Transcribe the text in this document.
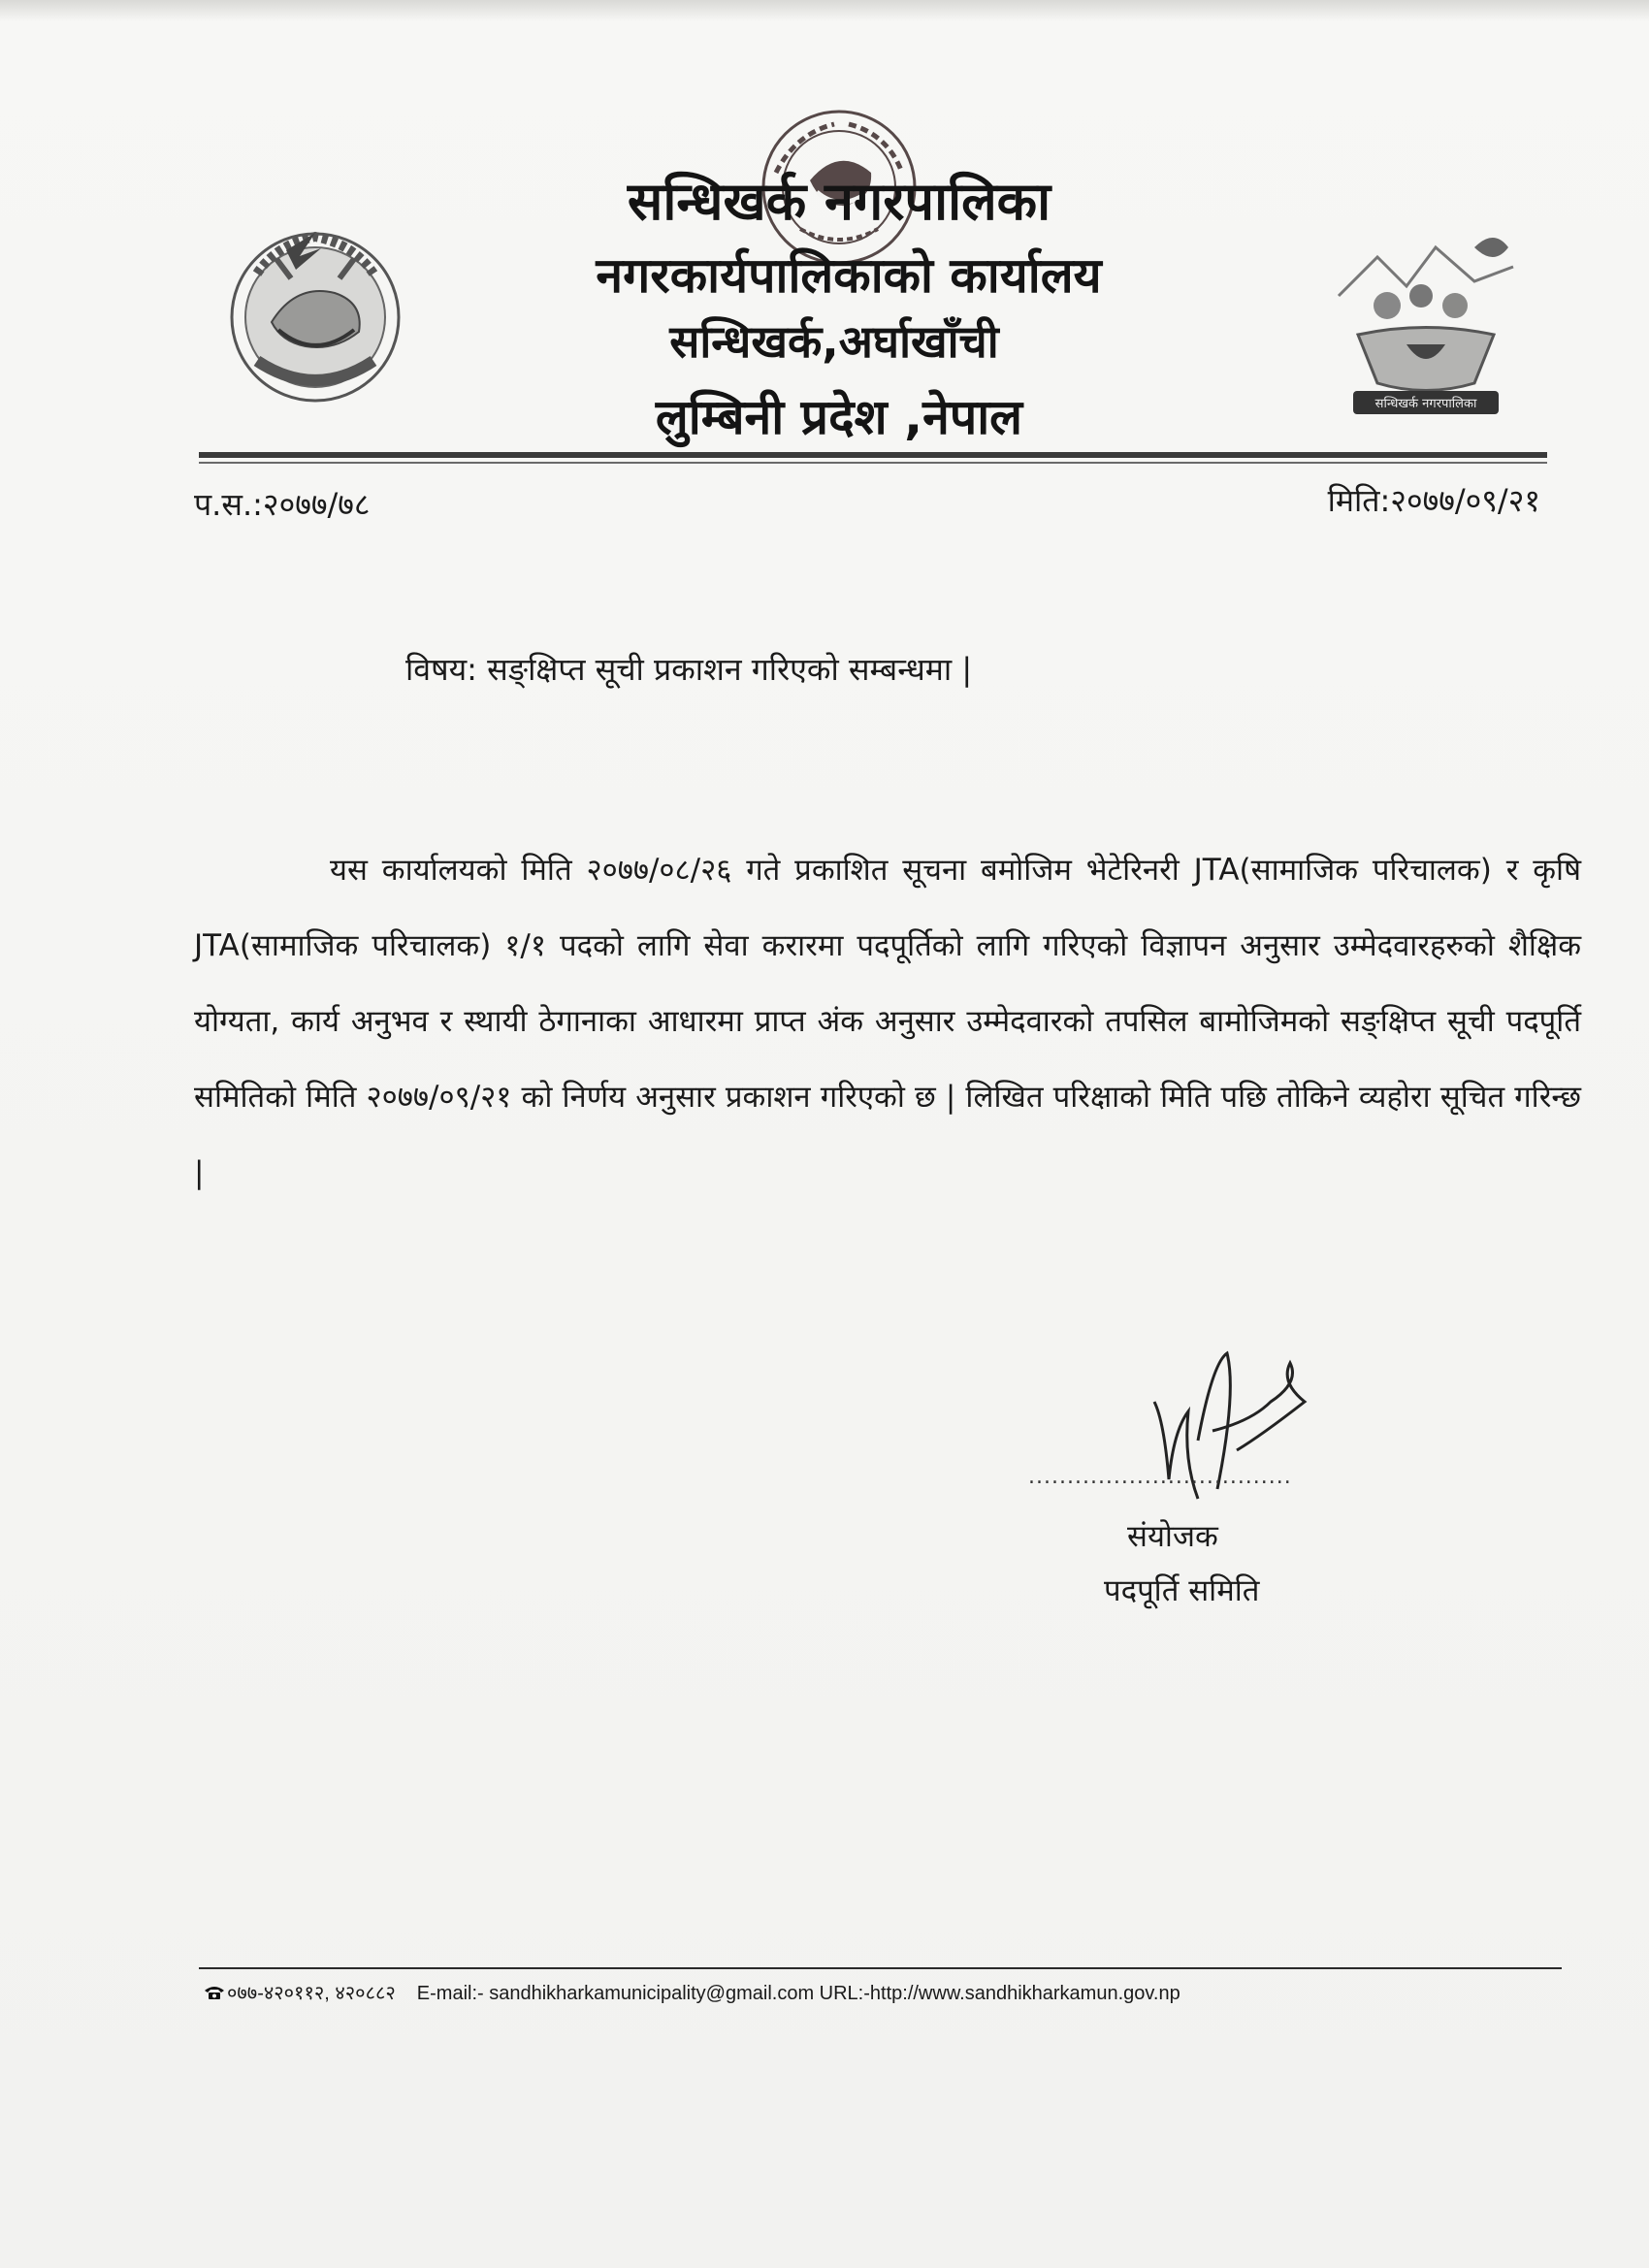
सन्धिखर्क नगरपालिका
सन्धिखर्क नगरपालिका
नगरकार्यपालिकाको कार्यालय
सन्धिखर्क,अर्घाखाँची
लुम्बिनी प्रदेश ,नेपाल
प.स.:२०७७/७८	मिति:२०७७/०९/२१
विषय: सङ्क्षिप्त सूची प्रकाशन गरिएको सम्बन्धमा |
यस कार्यालयको मिति २०७७/०८/२६ गते प्रकाशित सूचना बमोजिम भेटेरिनरी JTA(सामाजिक परिचालक) र कृषि JTA(सामाजिक परिचालक) १/१ पदको लागि सेवा करारमा पदपूर्तिको लागि गरिएको विज्ञापन अनुसार उम्मेदवारहरुको शैक्षिक योग्यता, कार्य अनुभव र स्थायी ठेगानाका आधारमा प्राप्त अंक अनुसार उम्मेदवारको तपसिल बामोजिमको सङ्क्षिप्त सूची पदपूर्ति समितिको मिति २०७७/०९/२१ को निर्णय अनुसार प्रकाशन गरिएको छ | लिखित परिक्षाको मिति पछि तोकिने व्यहोरा सूचित गरिन्छ |
..................................
संयोजक
पदपूर्ति समिति
०७७-४२०११२, ४२०८८२ E-mail:- sandhikharkamunicipality@gmail.com URL:-http://www.sandhikharkamun.gov.np
